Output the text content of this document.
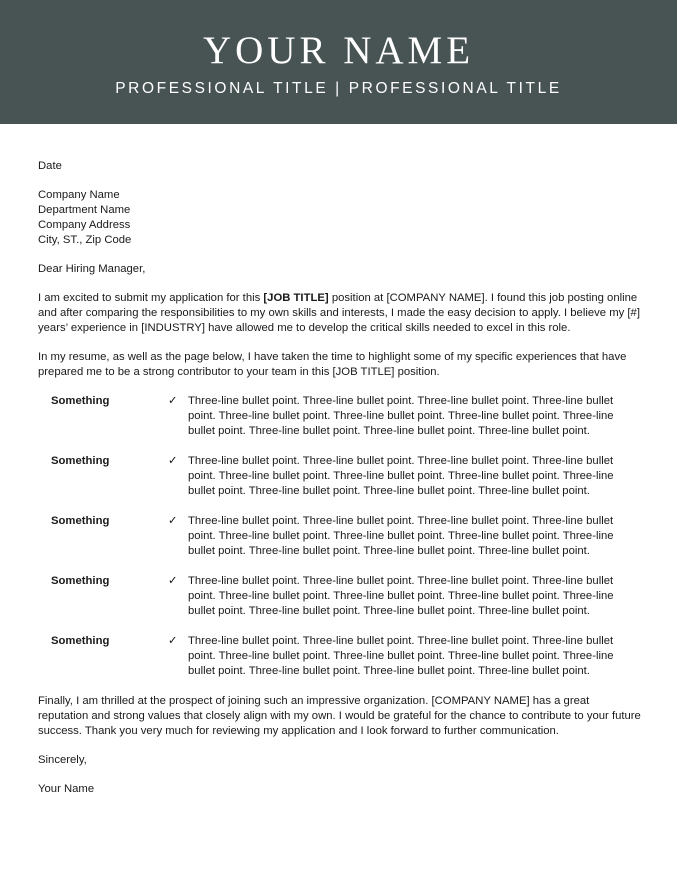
YOUR NAME
PROFESSIONAL TITLE | PROFESSIONAL TITLE

Date

Company Name
Department Name
Company Address
City, ST., Zip Code

Dear Hiring Manager,

I am excited to submit my application for this [JOB TITLE] position at [COMPANY NAME]. I found this job posting online and after comparing the responsibilities to my own skills and interests, I made the easy decision to apply. I believe my [#] years’ experience in [INDUSTRY] have allowed me to develop the critical skills needed to excel in this role.

In my resume, as well as the page below, I have taken the time to highlight some of my specific experiences that have prepared me to be a strong contributor to your team in this [JOB TITLE] position.

Something	✓ Three-line bullet point. Three-line bullet point. Three-line bullet point. Three-line bullet point. Three-line bullet point. Three-line bullet point. Three-line bullet point. Three-line bullet point. Three-line bullet point. Three-line bullet point. Three-line bullet point.
Something	✓ Three-line bullet point. Three-line bullet point. Three-line bullet point. Three-line bullet point. Three-line bullet point. Three-line bullet point. Three-line bullet point. Three-line bullet point. Three-line bullet point. Three-line bullet point. Three-line bullet point.
Something	✓ Three-line bullet point. Three-line bullet point. Three-line bullet point. Three-line bullet point. Three-line bullet point. Three-line bullet point. Three-line bullet point. Three-line bullet point. Three-line bullet point. Three-line bullet point. Three-line bullet point.
Something	✓ Three-line bullet point. Three-line bullet point. Three-line bullet point. Three-line bullet point. Three-line bullet point. Three-line bullet point. Three-line bullet point. Three-line bullet point. Three-line bullet point. Three-line bullet point. Three-line bullet point.
Something	✓ Three-line bullet point. Three-line bullet point. Three-line bullet point. Three-line bullet point. Three-line bullet point. Three-line bullet point. Three-line bullet point. Three-line bullet point. Three-line bullet point. Three-line bullet point. Three-line bullet point.

Finally, I am thrilled at the prospect of joining such an impressive organization. [COMPANY NAME] has a great reputation and strong values that closely align with my own. I would be grateful for the chance to contribute to your future success. Thank you very much for reviewing my application and I look forward to further communication.

Sincerely,

Your Name
